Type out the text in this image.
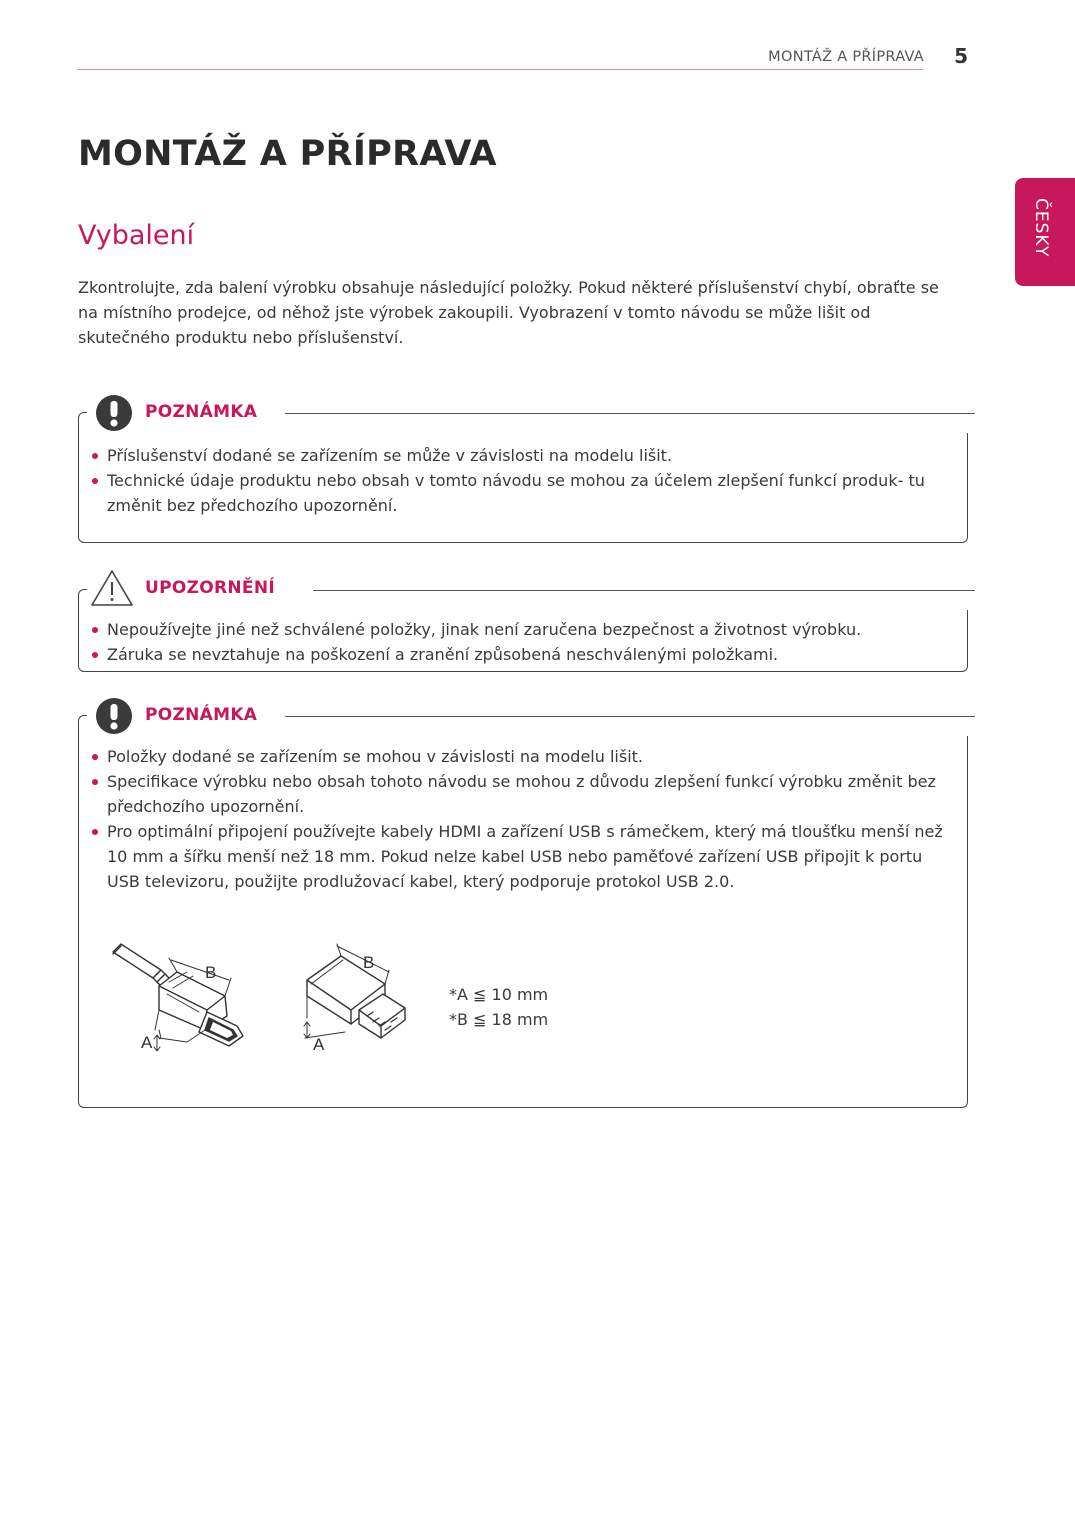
MONTÁŽ A PŘÍPRAVA 5
ČESKY
MONTÁŽ A PŘÍPRAVA
Vybalení

Zkontrolujte, zda balení výrobku obsahuje následující položky. Pokud některé příslušenství chybí, obraťte se na místního prodejce, od něhož jste výrobek zakoupili. Vyobrazení v tomto návodu se může lišit od skutečného produktu nebo příslušenství.

POZNÁMKA
Příslušenství dodané se zařízením se může v závislosti na modelu lišit.
Technické údaje produktu nebo obsah v tomto návodu se mohou za účelem zlepšení funkcí produk- tu změnit bez předchozího upozornění.
UPOZORNĚNÍ
Nepoužívejte jiné než schválené položky, jinak není zaručena bezpečnost a životnost výrobku.
Záruka se nevztahuje na poškození a zranění způsobená neschválenými položkami.
POZNÁMKA
Položky dodané se zařízením se mohou v závislosti na modelu lišit.
Specifikace výrobku nebo obsah tohoto návodu se mohou z důvodu zlepšení funkcí výrobku změnit bez předchozího upozornění.
Pro optimální připojení používejte kabely HDMI a zařízení USB s rámečkem, který má tloušťku menší než 10 mm a šířku menší než 18 mm. Pokud nelze kabel USB nebo paměťové zařízení USB připojit k portu USB televizoru, použijte prodlužovací kabel, který podporuje protokol USB 2.0.
B
A
B
A
*A ≦ 10 mm
*B ≦ 18 mm
